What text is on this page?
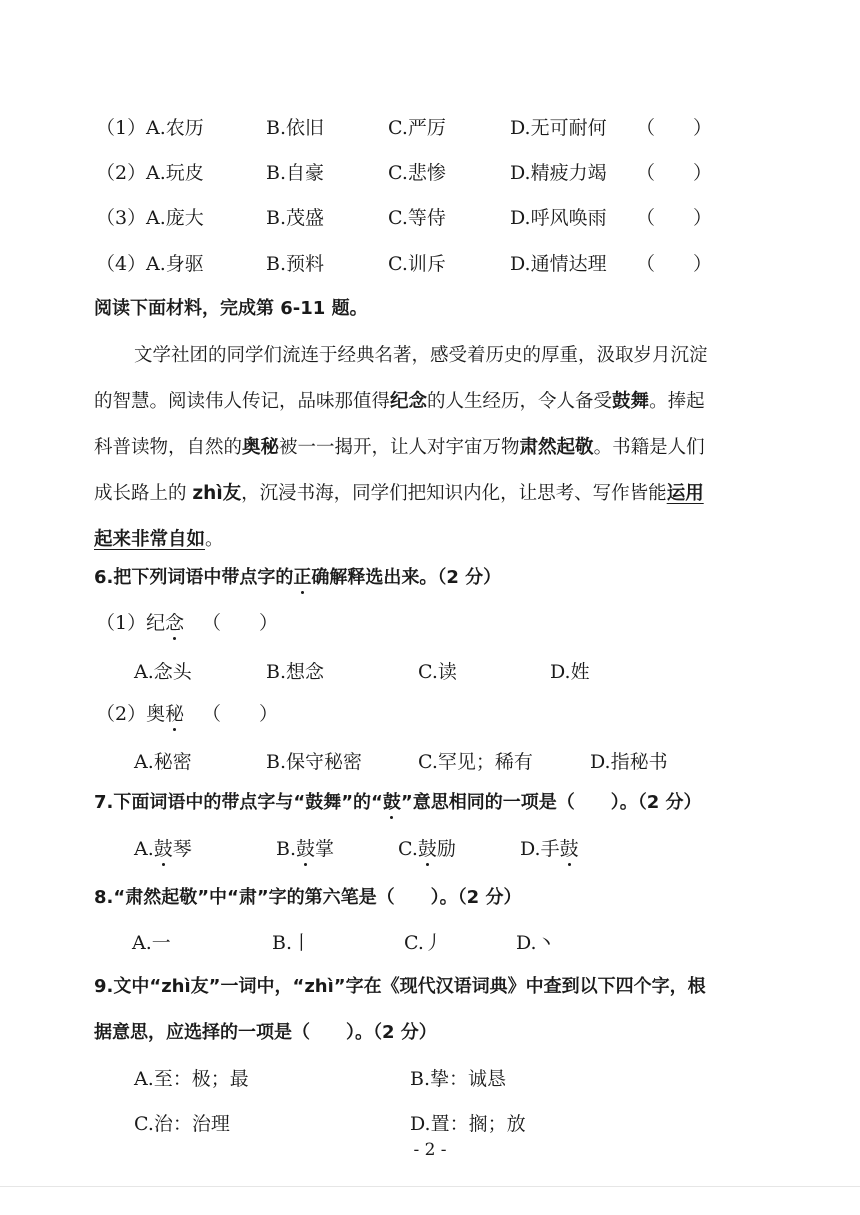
（1） A.农历	B.依旧	C.严厉	D.无可耐何 （　　）
（2） A.玩皮	B.自豪	C.悲惨	D.精疲力竭 （　　）
（3） A.庞大	B.茂盛	C.等侍	D.呼风唤雨 （　　）
（4） A.身驱	B.预料	C.训斥	D.通情达理 （　　）
阅读下面材料，完成第 6-11 题。
文学社团的同学们流连于经典名著，感受着历史的厚重，汲取岁月沉淀
的智慧。阅读伟人传记，品味那值得纪念的人生经历，令人备受鼓舞。捧起
科普读物，自然的奥秘被一一揭开，让人对宇宙万物肃然起敬。书籍是人们
成长路上的 zhì友，沉浸书海，同学们把知识内化，让思考、写作皆能运用
起来非常自如。
6.把下列词语中带点字的正确解释选出来。（2 分）
（1）纪念 （　　）
A.念头	B.想念	C.读	D.姓
（2）奥秘 （　　）
A.秘密	B.保守秘密	C.罕见；稀有	D.指秘书
7.下面词语中的带点字与“鼓舞”的“鼓”意思相同的一项是（　　）。（2 分）
A.鼓琴	B.鼓掌	C.鼓励	D.手鼓
8.“肃然起敬”中“肃”字的第六笔是（　　）。（2 分）
A.一	B.丨	C.丿	D.丶
9.文中“zhì友”一词中，“zhì”字在《现代汉语词典》中查到以下四个字，根
据意思，应选择的一项是（　　）。（2 分）
A.至：极；最	B.挚：诚恳
C.治：治理	D.置：搁；放
- 2 -
